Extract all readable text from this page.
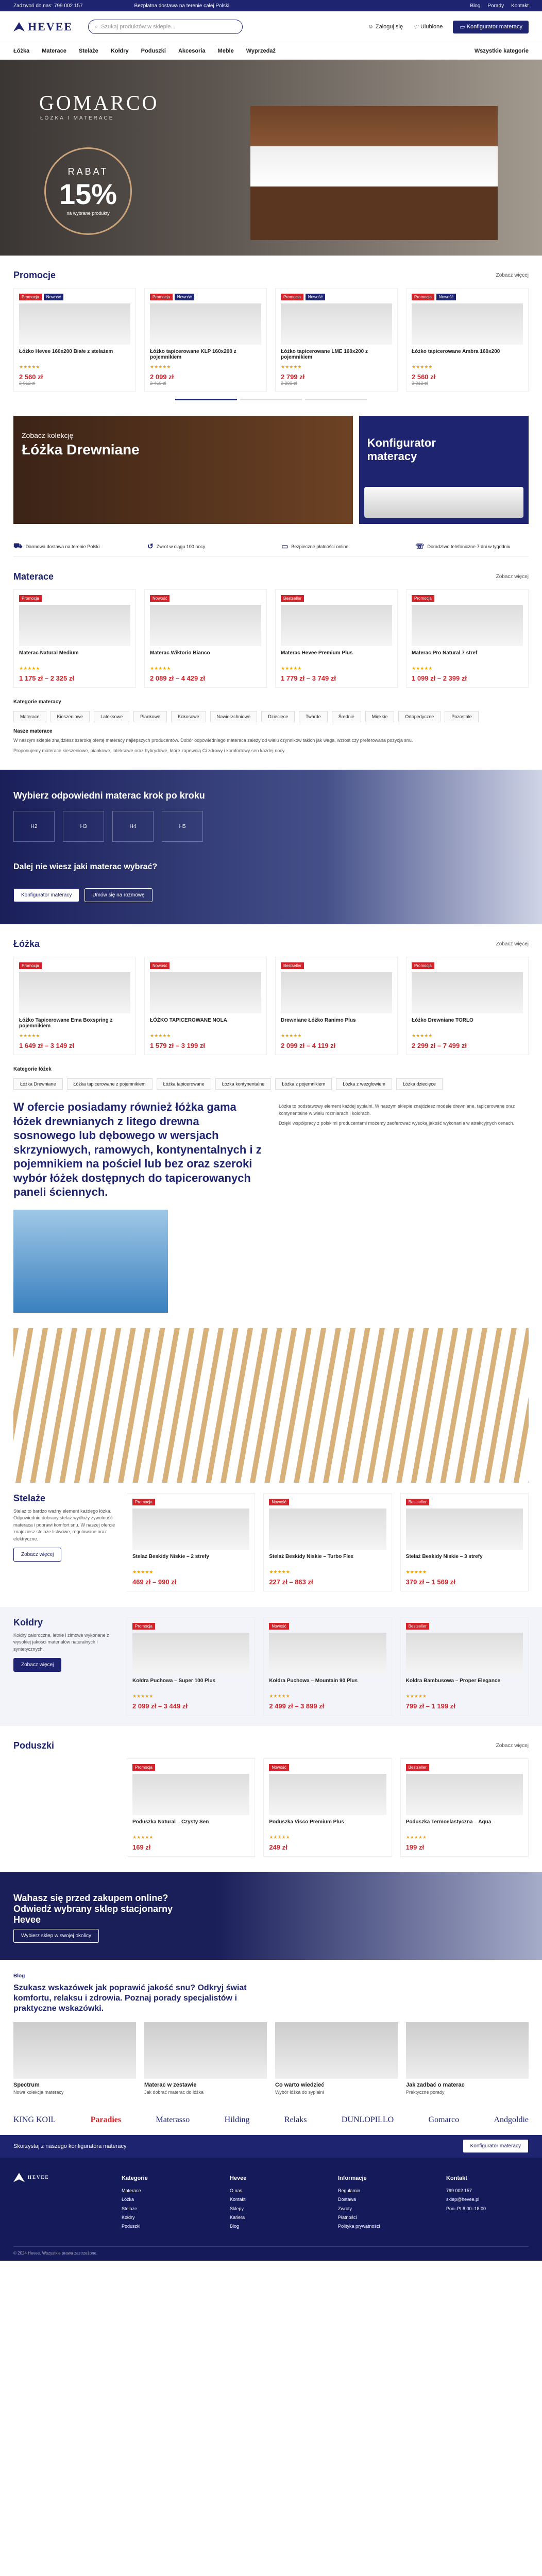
Zadzwoń do nas: 799 002 157	Bezpłatna dostawa na terenie całej Polski	Blog Porady Kontakt
HEVEE	⌕ Szukaj produktów w sklepie...	☺ Zaloguj się ♡ Ulubione	▭ Konfigurator materacy
Łóżka Materace Stelaże Kołdry Poduszki Akcesoria Meble Wyprzedaż	Wszystkie kategorie
GOMARCO
ŁÓŻKA I MATERACE
RABAT
15%
na wybrane produkty
Promocje	Zobacz więcej
Promocja	Nowość
Łóżko Hevee 160x200 Białe z stelażem
★★★★★
2 560 zł
3 012 zł
Promocja	Nowość
Łóżko tapicerowane KLP 160x200 z pojemnikiem
★★★★★
2 099 zł
2 469 zł
Promocja	Nowość
Łóżko tapicerowane LME 160x200 z pojemnikiem
★★★★★
2 799 zł
3 293 zł
Promocja	Nowość
Łóżko tapicerowane Ambra 160x200
★★★★★
2 560 zł
3 012 zł
Zobacz kolekcję
Łóżka Drewniane	Konfigurator materacy
⛟ Darmowa dostawa na terenie Polski	↺ Zwrot w ciągu 100 nocy	▭ Bezpieczne płatności online	☏ Doradztwo telefoniczne 7 dni w tygodniu
Materace	Zobacz więcej
Promocja
Materac Natural Medium
★★★★★
1 175 zł – 2 325 zł
Nowość
Materac Wiktorio Bianco
★★★★★
2 089 zł – 4 429 zł
Bestseller
Materac Hevee Premium Plus
★★★★★
1 779 zł – 3 749 zł
Promocja
Materac Pro Natural 7 stref
★★★★★
1 099 zł – 2 399 zł
Kategorie materacy
Materace	Kieszeniowe	Lateksowe	Piankowe	Kokosowe	Nawierzchniowe	Dziecięce	Twarde	Średnie	Miękkie	Ortopedyczne	Pozostałe
Nasze materace

W naszym sklepie znajdziesz szeroką ofertę materacy najlepszych producentów. Dobór odpowiedniego materaca zależy od wielu czynników takich jak waga, wzrost czy preferowana pozycja snu.

Proponujemy materace kieszeniowe, piankowe, lateksowe oraz hybrydowe, które zapewnią Ci zdrowy i komfortowy sen każdej nocy.

Wybierz odpowiedni materac krok po kroku
H2	H3	H4	H5
Dalej nie wiesz jaki materac wybrać?
Konfigurator materacy	Umów się na rozmowę
Łóżka	Zobacz więcej
Promocja
Łóżko Tapicerowane Ema Boxspring z pojemnikiem
★★★★★
1 649 zł – 3 149 zł
Nowość
ŁÓŻKO TAPICEROWANE NOLA
★★★★★
1 579 zł – 3 199 zł
Bestseller
Drewniane Łóżko Ranimo Plus
★★★★★
2 099 zł – 4 119 zł
Promocja
Łóżko Drewniane TORLO
★★★★★
2 299 zł – 7 499 zł
Kategorie łóżek
Łóżka Drewniane	Łóżka tapicerowane z pojemnikiem	Łóżka tapicerowane	Łóżka kontynentalne	Łóżka z pojemnikiem	Łóżka z wezgłowiem	Łóżka dziecięce
W ofercie posiadamy również łóżka gama łóżek drewnianych z litego drewna sosnowego lub dębowego w wersjach skrzyniowych, ramowych, kontynentalnych i z pojemnikiem na pościel lub bez oraz szeroki wybór łóżek dostępnych do tapicerowanych paneli ściennych.

Łóżka to podstawowy element każdej sypialni. W naszym sklepie znajdziesz modele drewniane, tapicerowane oraz kontynentalne w wielu rozmiarach i kolorach.

Dzięki współpracy z polskimi producentami możemy zaoferować wysoką jakość wykonania w atrakcyjnych cenach.

Stelaże

Stelaż to bardzo ważny element każdego łóżka. Odpowiednio dobrany stelaż wydłuży żywotność materaca i poprawi komfort snu. W naszej ofercie znajdziesz stelaże listwowe, regulowane oraz elektryczne.

Zobacz więcej
Promocja
Stelaż Beskidy Niskie – 2 strefy
★★★★★
469 zł – 990 zł
Nowość
Stelaż Beskidy Niskie – Turbo Flex
★★★★★
227 zł – 863 zł
Bestseller
Stelaż Beskidy Niskie – 3 strefy
★★★★★
379 zł – 1 569 zł
Kołdry

Kołdry całoroczne, letnie i zimowe wykonane z wysokiej jakości materiałów naturalnych i syntetycznych.

Zobacz więcej
Promocja
Kołdra Puchowa – Super 100 Plus
★★★★★
2 099 zł – 3 449 zł
Nowość
Kołdra Puchowa – Mountain 90 Plus
★★★★★
2 499 zł – 3 899 zł
Bestseller
Kołdra Bambusowa – Proper Elegance
★★★★★
799 zł – 1 199 zł
Poduszki	Zobacz więcej
Promocja
Poduszka Natural – Czysty Sen
★★★★★
169 zł
Nowość
Poduszka Visco Premium Plus
★★★★★
249 zł
Bestseller
Poduszka Termoelastyczna – Aqua
★★★★★
199 zł
Wahasz się przed zakupem online? Odwiedź wybrany sklep stacjonarny Hevee
Wybierz sklep w swojej okolicy
Blog
Szukasz wskazówek jak poprawić jakość snu? Odkryj świat komfortu, relaksu i zdrowia. Poznaj porady specjalistów i praktyczne wskazówki.
Spectrum

Nowa kolekcja materacy

Materac w zestawie

Jak dobrać materac do łóżka

Co warto wiedzieć

Wybór łóżka do sypialni

Jak zadbać o materac

Praktyczne porady

KING KOIL	Paradies	Materasso	Hilding	Relaks	DUNLOPILLO	Gomarco	Andgoldie
Skorzystaj z naszego konfiguratora materacy	Konfigurator materacy
HEVEE	Kategorie
Materace
Łóżka
Stelaże
Kołdry
Poduszki
Hevee
O nas
Kontakt
Sklepy
Kariera
Blog
Informacje
Regulamin
Dostawa
Zwroty
Płatności
Polityka prywatności
Kontakt
799 002 157
sklep@hevee.pl
Pon–Pt 8:00–18:00
© 2024 Hevee. Wszystkie prawa zastrzeżone.
